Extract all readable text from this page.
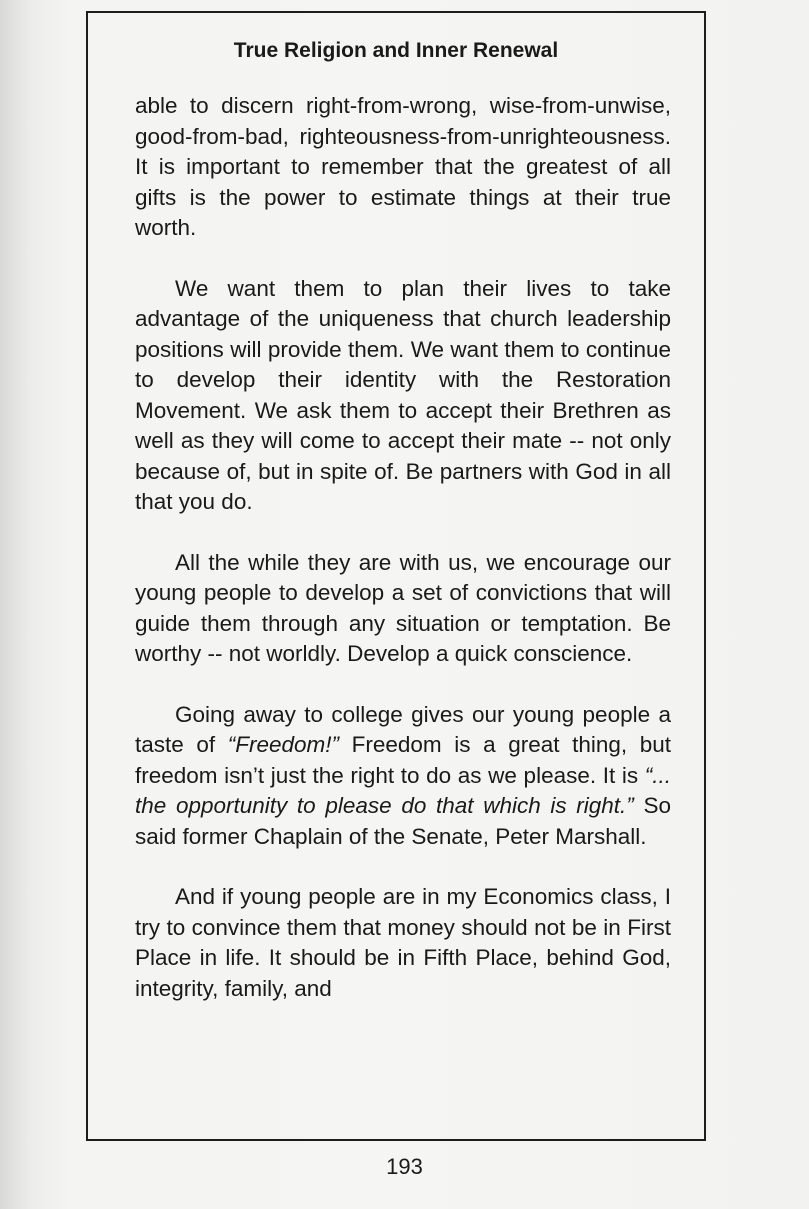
True Religion and Inner Renewal

able to discern right-from-wrong, wise-from-unwise, good-from-bad, righteousness-from-unrighteousness. It is important to remember that the greatest of all gifts is the power to estimate things at their true worth.

We want them to plan their lives to take advantage of the uniqueness that church leadership positions will provide them. We want them to continue to develop their identity with the Restoration Movement. We ask them to accept their Brethren as well as they will come to accept their mate -- not only because of, but in spite of. Be partners with God in all that you do.

All the while they are with us, we encourage our young people to develop a set of convictions that will guide them through any situation or temptation. Be worthy -- not worldly. Develop a quick conscience.

Going away to college gives our young people a taste of “Freedom!” Freedom is a great thing, but freedom isn’t just the right to do as we please. It is “... the opportunity to please do that which is right.” So said former Chaplain of the Senate, Peter Marshall.

And if young people are in my Economics class, I try to convince them that money should not be in First Place in life. It should be in Fifth Place, behind God, integrity, family, and

193
